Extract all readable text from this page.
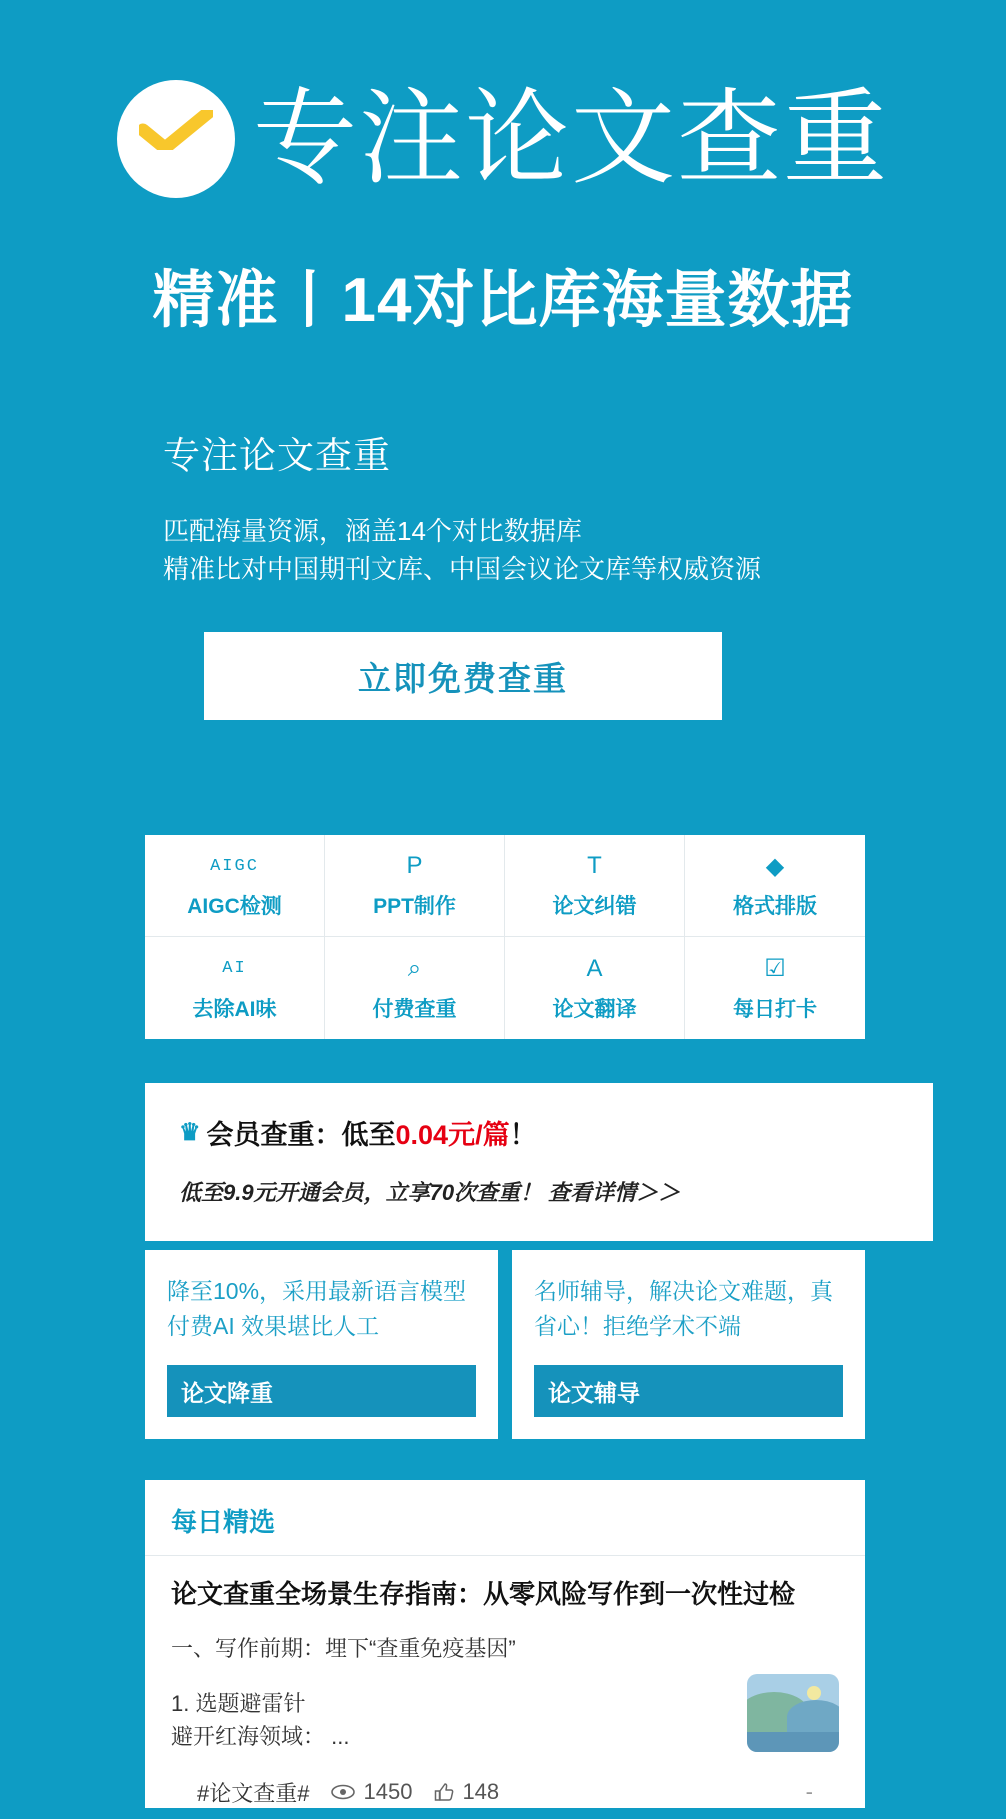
专注论文查重
精准丨14对比库海量数据
专注论文查重
匹配海量资源，涵盖14个对比数据库
精准比对中国期刊文库、中国会议论文库等权威资源
立即免费查重
AIGC
AIGC检测
P
PPT制作
T
论文纠错
◆
格式排版
AI
去除AI味
⌕
付费查重
A
论文翻译
☑
每日打卡
♛ 会员查重： 低至 0.04元/篇 ！
低至9.9元开通会员，立享70次查重！ 查看详情＞＞
降至10%，采用最新语言模型付费AI 效果堪比人工
论文降重
名师辅导，解决论文难题，真省心！拒绝学术不端
论文辅导
每日精选
论文查重全场景生存指南：从零风险写作到一次性过检
一、写作前期：埋下“查重免疫基因”
1. 选题避雷针
避开红海领域： ...
#论文查重# 1450 148	-
